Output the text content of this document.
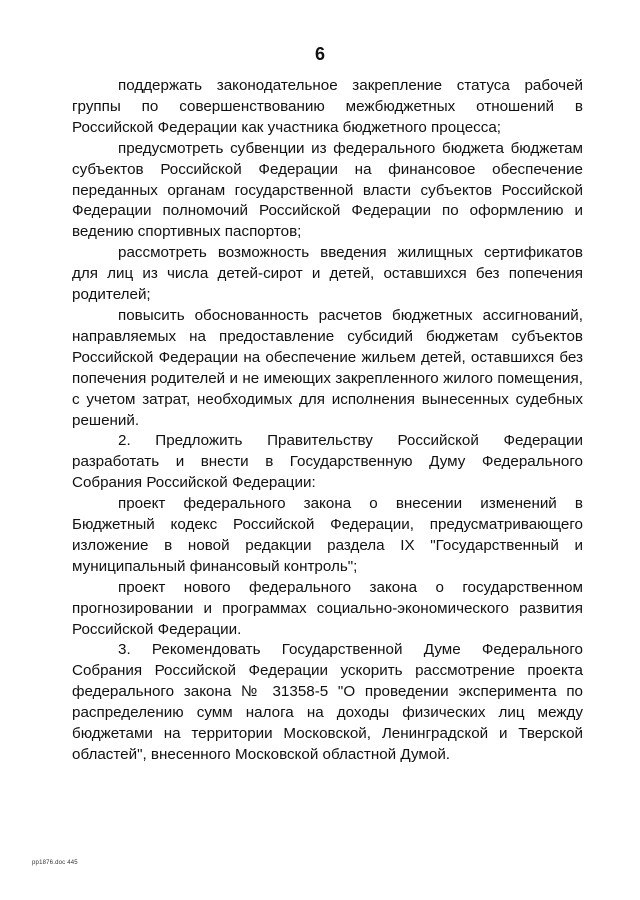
6

поддержать законодательное закрепление статуса рабочей группы по совершенствованию межбюджетных отношений в Российской Федерации как участника бюджетного процесса;

предусмотреть субвенции из федерального бюджета бюджетам субъектов Российской Федерации на финансовое обеспечение переданных органам государственной власти субъектов Российской Федерации полномочий Российской Федерации по оформлению и ведению спортивных паспортов;

рассмотреть возможность введения жилищных сертификатов для лиц из числа детей-сирот и детей, оставшихся без попечения родителей;

повысить обоснованность расчетов бюджетных ассигнований, направляемых на предоставление субсидий бюджетам субъектов Российской Федерации на обеспечение жильем детей, оставшихся без попечения родителей и не имеющих закрепленного жилого помещения, с учетом затрат, необходимых для исполнения вынесенных судебных решений.

2. Предложить Правительству Российской Федерации разработать и внести в Государственную Думу Федерального Собрания Российской Федерации:

проект федерального закона о внесении изменений в Бюджетный кодекс Российской Федерации, предусматривающего изложение в новой редакции раздела IX "Государственный и муниципальный финансовый контроль";

проект нового федерального закона о государственном прогнозировании и программах социально-экономического развития Российской Федерации.

3. Рекомендовать Государственной Думе Федерального Собрания Российской Федерации ускорить рассмотрение проекта федерального закона № 31358-5 "О проведении эксперимента по распределению сумм налога на доходы физических лиц между бюджетами на территории Московской, Ленинградской и Тверской областей", внесенного Московской областной Думой.

pp1876.doc 445
